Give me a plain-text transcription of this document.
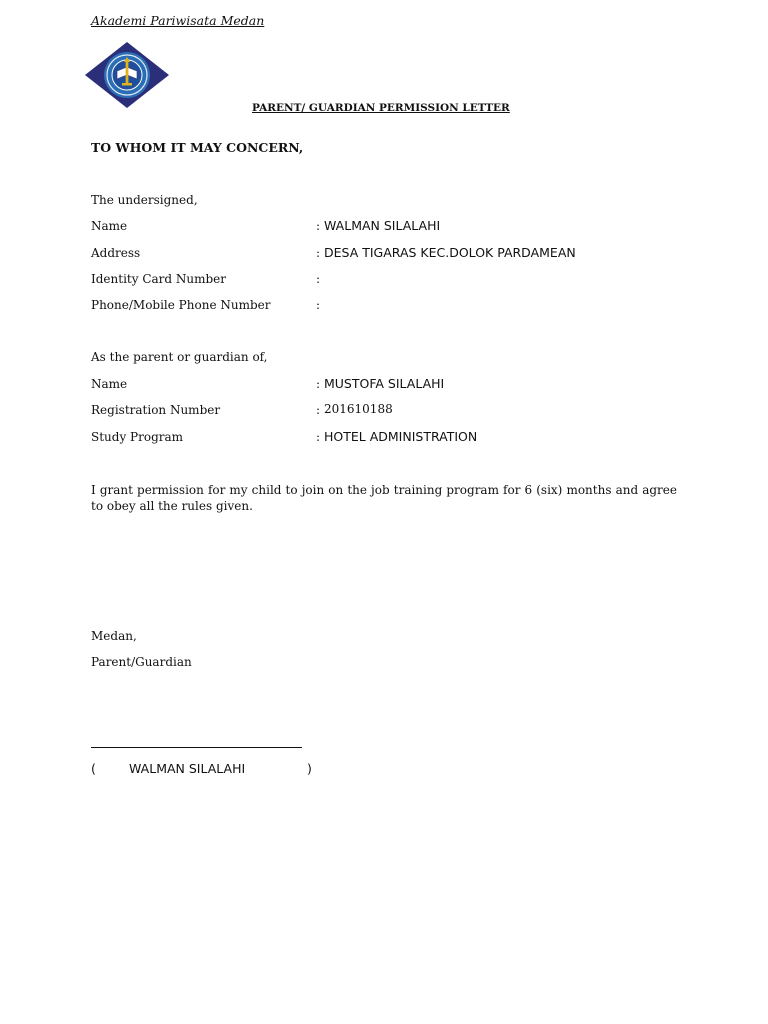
Akademi Pariwisata Medan
PARENT/ GUARDIAN PERMISSION LETTER
TO WHOM IT MAY CONCERN,
The undersigned,
Name	: WALMAN SILALAHI
Address	: DESA TIGARAS KEC.DOLOK PARDAMEAN
Identity Card Number	:
Phone/Mobile Phone Number	:
As the parent or guardian of,
Name	: MUSTOFA SILALAHI
Registration Number	: 201610188
Study Program	: HOTEL ADMINISTRATION
I grant permission for my child to join on the job training program for 6 (six) months and agree to obey all the rules given.
Medan,
Parent/Guardian
(	WALMAN SILALAHI	)
